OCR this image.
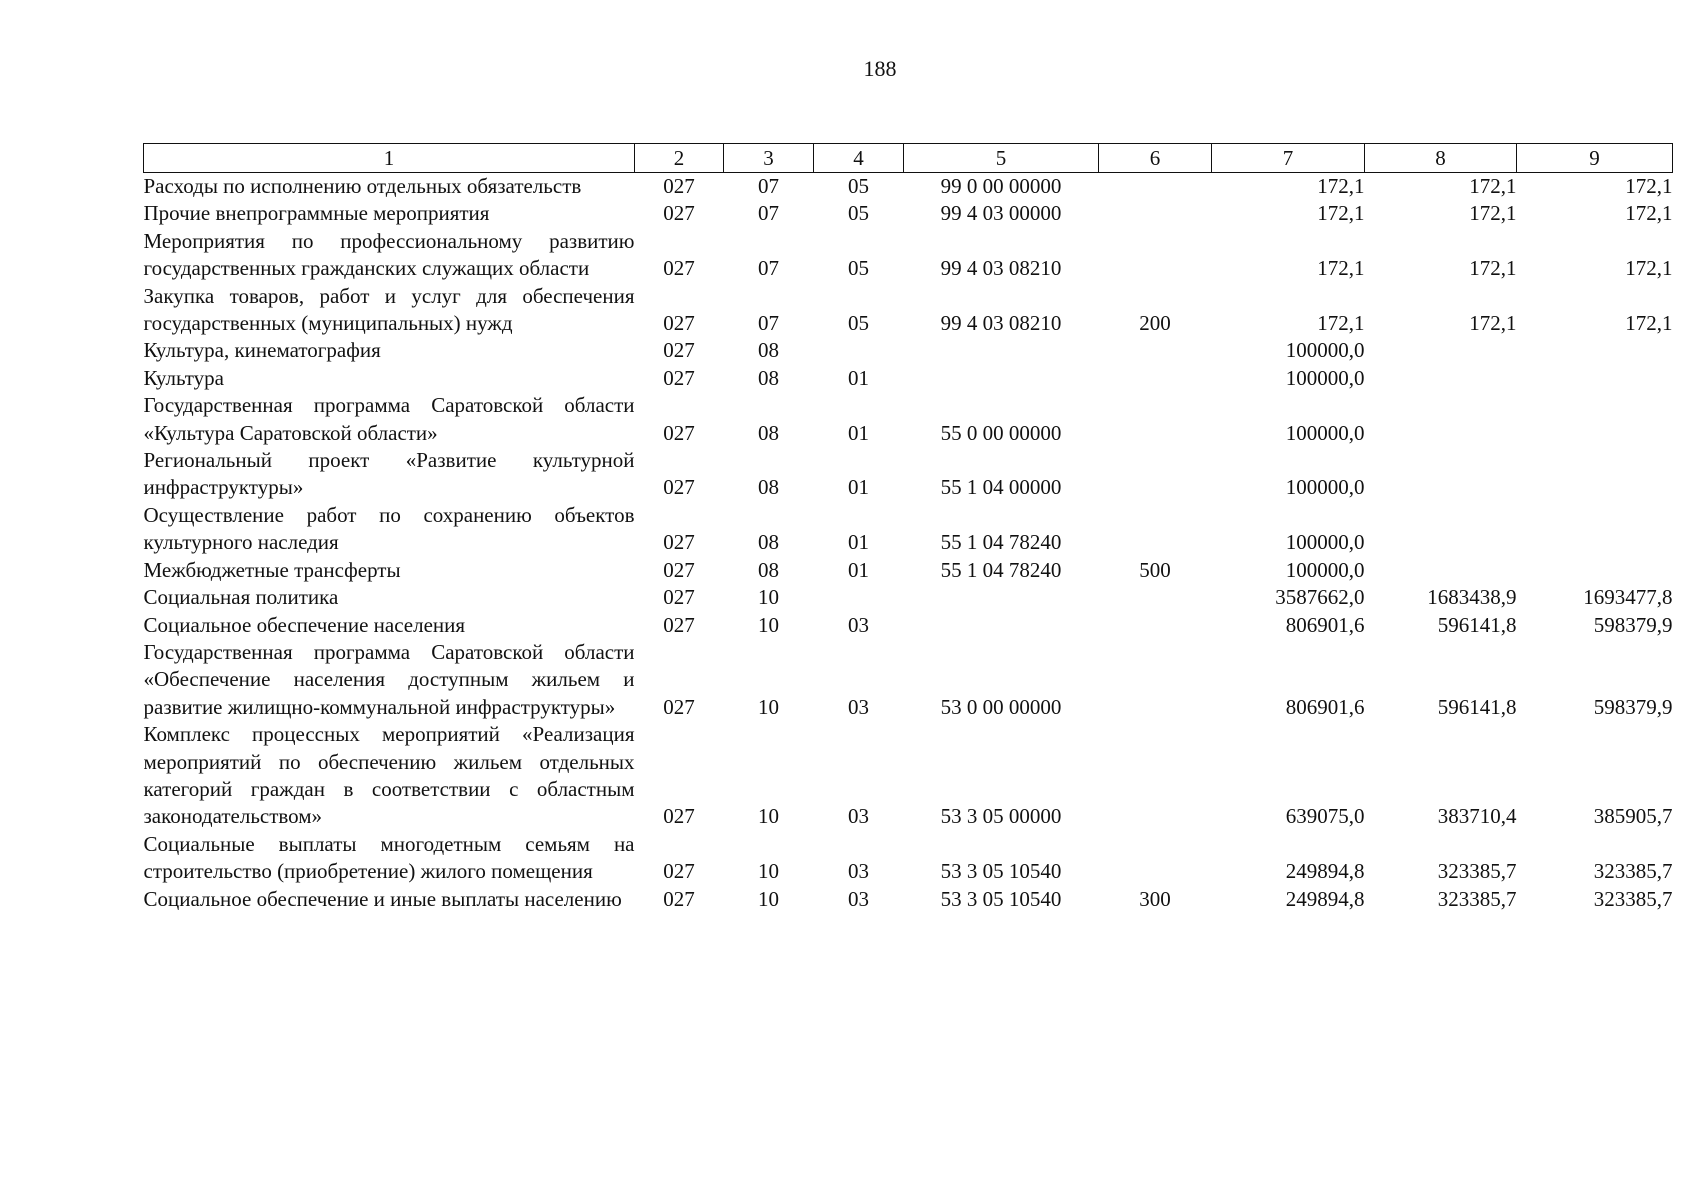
188
1	2	3	4	5	6	7	8	9
Расходы по исполнению отдельных обязательств	027	07	05	99 0 00 00000		172,1	172,1	172,1
Прочие внепрограммные мероприятия	027	07	05	99 4 03 00000		172,1	172,1	172,1
Мероприятия по профессиональному развитию государственных гражданских служащих области	027	07	05	99 4 03 08210		172,1	172,1	172,1
Закупка товаров, работ и услуг для обеспечения государственных (муниципальных) нужд	027	07	05	99 4 03 08210	200	172,1	172,1	172,1
Культура, кинематография	027	08				100000,0		
Культура	027	08	01			100000,0		
Государственная программа Саратовской области «Культура Саратовской области»	027	08	01	55 0 00 00000		100000,0		
Региональный проект «Развитие культурной инфраструктуры»	027	08	01	55 1 04 00000		100000,0		
Осуществление работ по сохранению объектов культурного наследия	027	08	01	55 1 04 78240		100000,0		
Межбюджетные трансферты	027	08	01	55 1 04 78240	500	100000,0		
Социальная политика	027	10				3587662,0	1683438,9	1693477,8
Социальное обеспечение населения	027	10	03			806901,6	596141,8	598379,9
Государственная программа Саратовской области «Обеспечение населения доступным жильем и развитие жилищно-коммунальной инфраструктуры»	027	10	03	53 0 00 00000		806901,6	596141,8	598379,9
Комплекс процессных мероприятий «Реализация мероприятий по обеспечению жильем отдельных категорий граждан в соответствии с областным законодательством»	027	10	03	53 3 05 00000		639075,0	383710,4	385905,7
Социальные выплаты многодетным семьям на строительство (приобретение) жилого помещения	027	10	03	53 3 05 10540		249894,8	323385,7	323385,7
Социальное обеспечение и иные выплаты населению	027	10	03	53 3 05 10540	300	249894,8	323385,7	323385,7
